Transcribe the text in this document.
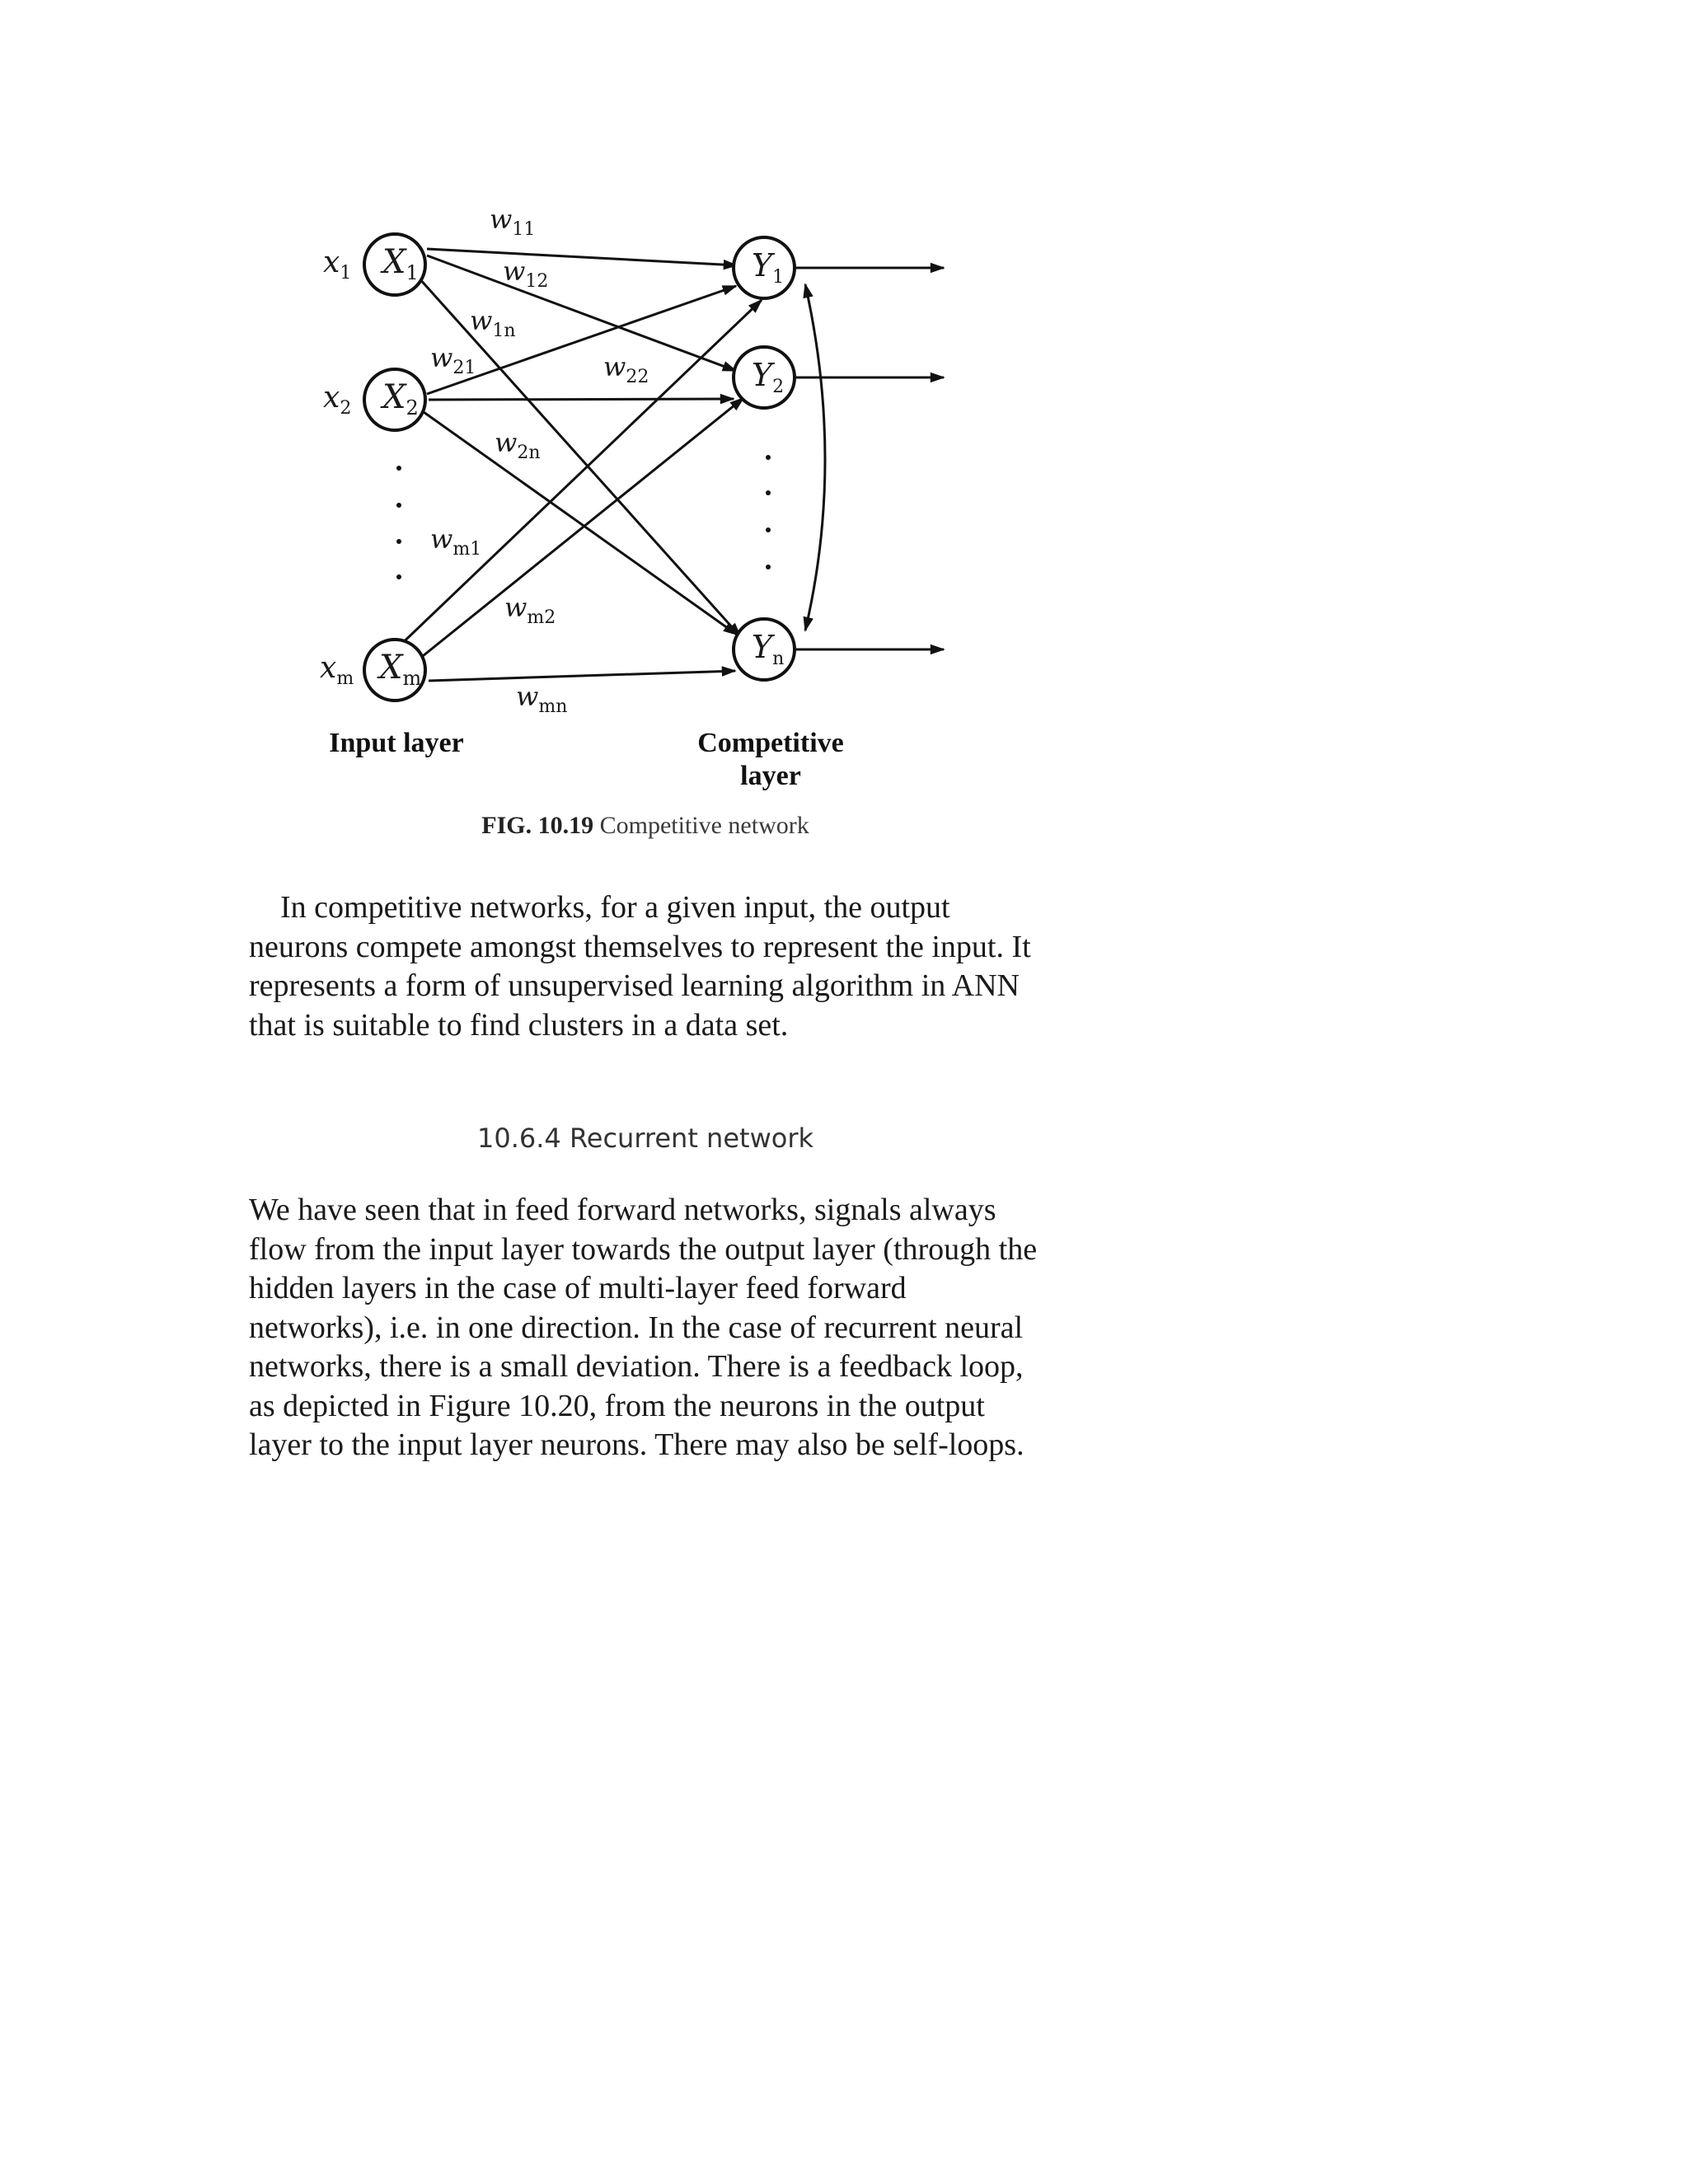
$X_1$
$X_2$
$X_m$
$Y_1$
$Y_2$
$Y_n$
$x_1$
$x_2$
$x_m$
$w_{11}$
$w_{12}$
$w_{1n}$
$w_{21}$	$w_{22}$
$w_{2n}$
$w_{m1}$
$w_{m2}$
$w_{mn}$
Input layer	Competitive
layer
FIG. 10.19 Competitive network

In competitive networks, for a given input, the output neurons compete amongst themselves to represent the input. It represents a form of unsupervised learning algorithm in ANN that is suitable to find clusters in a data set.

10.6.4 Recurrent network

We have seen that in feed forward networks, signals always flow from the input layer towards the output layer (through the hidden layers in the case of multi-layer feed forward networks), i.e. in one direction. In the case of recurrent neural networks, there is a small deviation. There is a feedback loop, as depicted in Figure 10.20, from the neurons in the output layer to the input layer neurons. There may also be self-loops.
